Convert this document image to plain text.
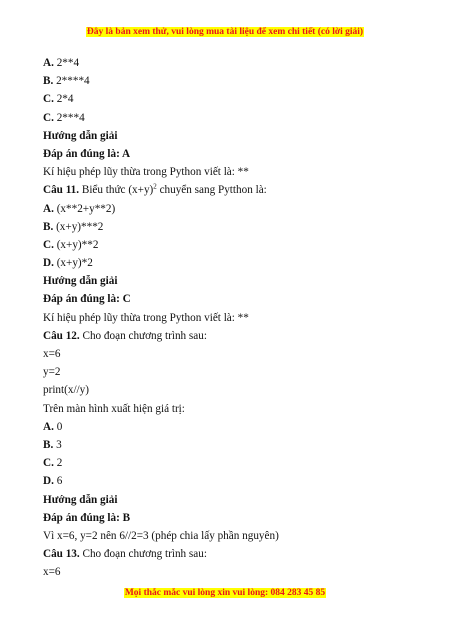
Đây là bản xem thử, vui lòng mua tài liệu để xem chi tiết (có lời giải)
A. 2**4
B. 2****4
C. 2*4
C. 2***4
Hướng dẫn giải
Đáp án đúng là: A
Kí hiệu phép lũy thừa trong Python viết là: **
Câu 11. Biểu thức $(x+y)^2$ chuyển sang Pytthon là:
A. (x**2+y**2)
B. (x+y)***2
C. (x+y)**2
D. (x+y)*2
Hướng dẫn giải
Đáp án đúng là: C
Kí hiệu phép lũy thừa trong Python viết là: **
Câu 12. Cho đoạn chương trình sau:
x=6
y=2
print(x//y)
Trên màn hình xuất hiện giá trị:
A. 0
B. 3
C. 2
D. 6
Hướng dẫn giải
Đáp án đúng là: B
Vì x=6, y=2 nên 6//2=3 (phép chia lấy phần nguyên)
Câu 13. Cho đoạn chương trình sau:
x=6
Mọi thắc mắc vui lòng xin vui lòng: 084 283 45 85
